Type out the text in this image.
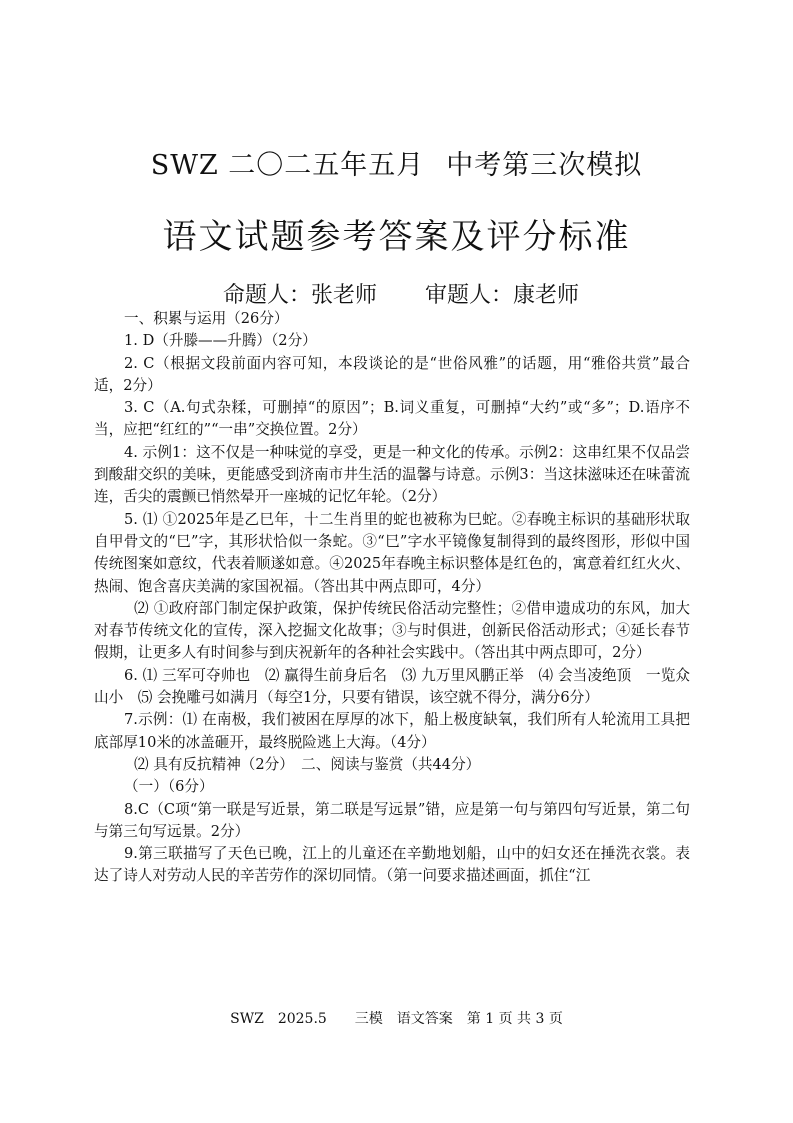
SWZ 二〇二五年五月 中考第三次模拟
语文试题参考答案及评分标准
命题人：张老师 审题人：康老师

一、积累与运用（26分）

1. D（升滕——升腾）（2分）

2. C（根据文段前面内容可知，本段谈论的是“世俗风雅”的话题，用“雅俗共赏”最合适，2分）

3. C（A.句式杂糅，可删掉“的原因”；B.词义重复，可删掉“大约”或“多”；D.语序不当，应把“红红的”“一串”交换位置。2分）

4. 示例1：这不仅是一种味觉的享受，更是一种文化的传承。示例2：这串红果不仅品尝到酸甜交织的美味，更能感受到济南市井生活的温馨与诗意。示例3：当这抹滋味还在味蕾流连，舌尖的震颤已悄然晕开一座城的记忆年轮。（2分）

5. ⑴ ①2025年是乙巳年，十二生肖里的蛇也被称为巳蛇。②春晚主标识的基础形状取自甲骨文的“巳”字，其形状恰似一条蛇。③“巳”字水平镜像复制得到的最终图形，形似中国传统图案如意纹，代表着顺遂如意。④2025年春晚主标识整体是红色的，寓意着红红火火、热闹、饱含喜庆美满的家国祝福。（答出其中两点即可，4分）

⑵ ①政府部门制定保护政策，保护传统民俗活动完整性；②借申遗成功的东风，加大对春节传统文化的宣传，深入挖掘文化故事；③与时俱进，创新民俗活动形式；④延长春节假期，让更多人有时间参与到庆祝新年的各种社会实践中。（答出其中两点即可，2分）

6. ⑴ 三军可夺帅也　⑵ 赢得生前身后名　⑶ 九万里风鹏正举　⑷ 会当凌绝顶　一览众山小　⑸ 会挽雕弓如满月（每空1分，只要有错误，该空就不得分，满分6分）

7.示例：⑴ 在南极，我们被困在厚厚的冰下，船上极度缺氧，我们所有人轮流用工具把底部厚10米的冰盖砸开，最终脱险逃上大海。（4分）

⑵ 具有反抗精神（2分）　二、阅读与鉴赏（共44分）

（一）（6分）

8.C（C项“第一联是写近景，第二联是写远景”错，应是第一句与第四句写近景，第二句与第三句写远景。2分）

9.第三联描写了天色已晚，江上的儿童还在辛勤地划船，山中的妇女还在捶洗衣裳。表达了诗人对劳动人民的辛苦劳作的深切同情。（第一问要求描述画面，抓住“江

SWZ　2025.5　　三模　语文答案　第 1 页 共 3 页
